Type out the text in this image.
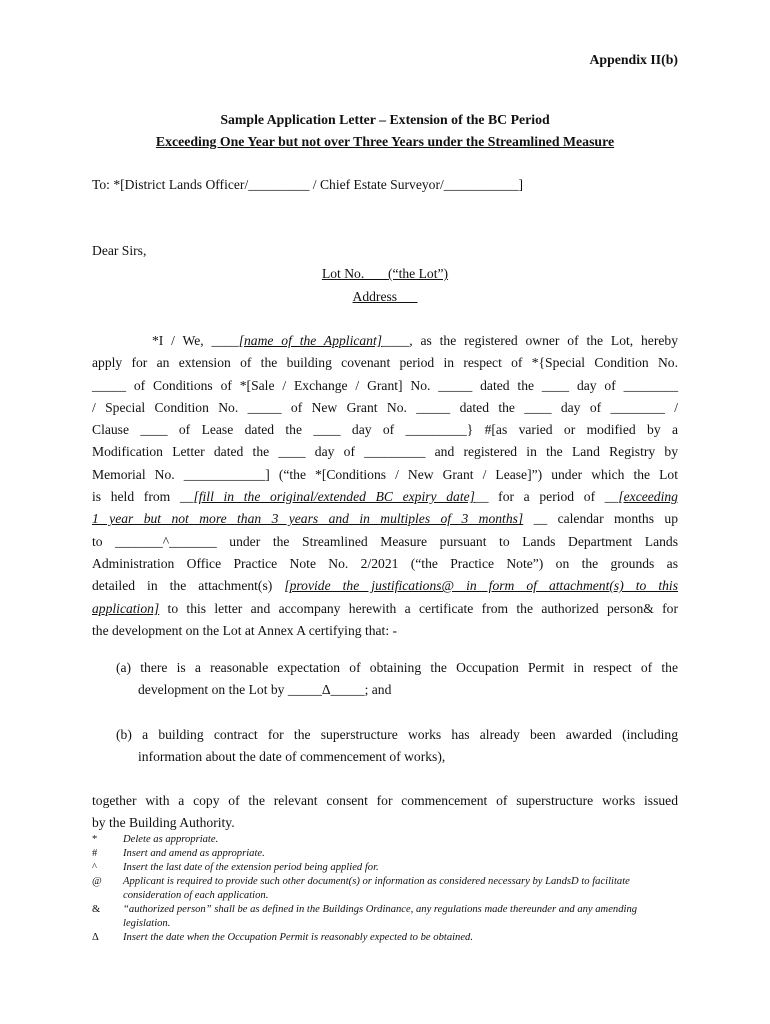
Appendix II(b)
Sample Application Letter – Extension of the BC Period
Exceeding One Year but not over Three Years under the Streamlined Measure
To: *[District Lands Officer/_________ / Chief Estate Surveyor/___________]
Dear Sirs,
Lot No.       (“the Lot”)
Address
*I / We, ____[name of the Applicant]____, as the registered owner of the Lot, hereby
apply for an extension of the building covenant period in respect of *{Special Condition No.
_____ of Conditions of *[Sale / Exchange / Grant] No. _____ dated the ____ day of ________
/ Special Condition No. _____ of New Grant No. _____ dated the ____ day of ________ /
Clause ____ of Lease dated the ____ day of _________} #[as varied or modified by a
Modification Letter dated the ____ day of _________ and registered in the Land Registry by
Memorial No. ____________] (“the *[Conditions / New Grant / Lease]”) under which the Lot
is held from __[fill in the original/extended BC expiry date]__ for a period of __[exceeding
1 year but not more than 3 years and in multiples of 3 months] __ calendar months up
to _______^_______ under the Streamlined Measure pursuant to Lands Department Lands
Administration Office Practice Note No. 2/2021 (“the Practice Note”) on the grounds as
detailed in the attachment(s) [provide the justifications@ in form of attachment(s) to this
application] to this letter and accompany herewith a certificate from the authorized person& for
the development on the Lot at Annex A certifying that: -
(a) there is a reasonable expectation of obtaining the Occupation Permit in respect of the
development on the Lot by _____Δ_____; and
(b) a building contract for the superstructure works has already been awarded (including
information about the date of commencement of works),
together with a copy of the relevant consent for commencement of superstructure works issued
by the Building Authority.
*	Delete as appropriate.
#	Insert and amend as appropriate.
^	Insert the last date of the extension period being applied for.
@	Applicant is required to provide such other document(s) or information as considered necessary by LandsD to facilitate consideration of each application.
&	“authorized person” shall be as defined in the Buildings Ordinance, any regulations made thereunder and any amending legislation.
Δ	Insert the date when the Occupation Permit is reasonably expected to be obtained.
